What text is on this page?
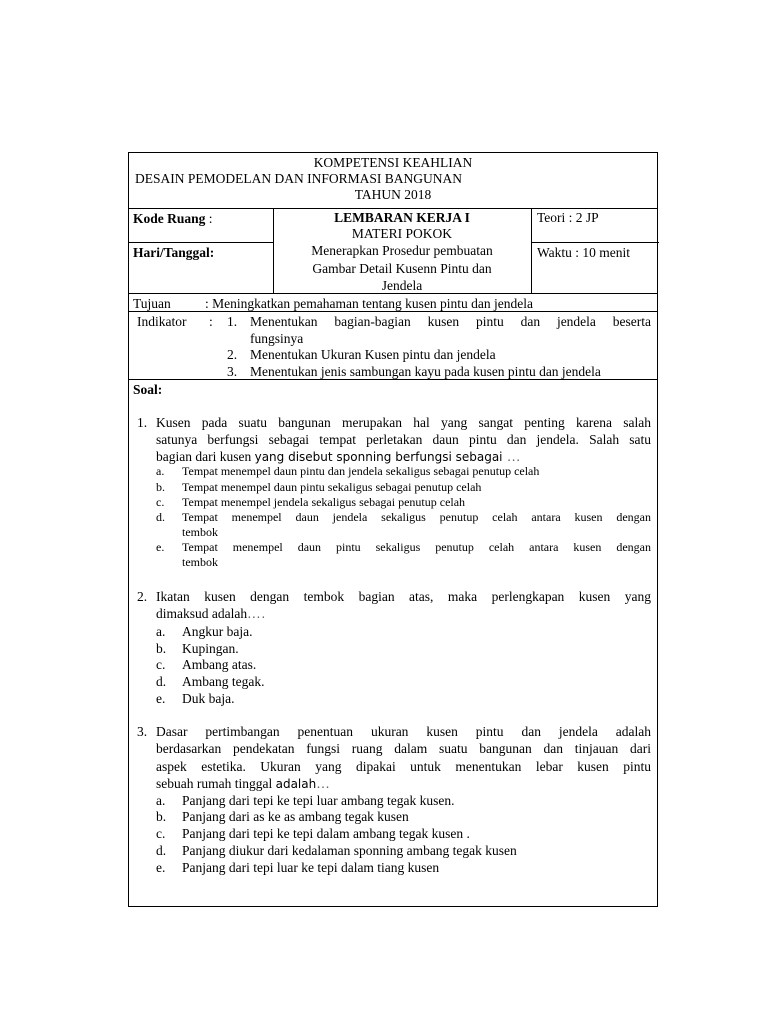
KOMPETENSI KEAHLIAN
DESAIN PEMODELAN DAN INFORMASI BANGUNAN
TAHUN 2018
Kode Ruang :
Hari/Tanggal:
LEMBARAN KERJA I
MATERI POKOK
Menerapkan Prosedur pembuatan
Gambar Detail Kusenn Pintu dan
Jendela
Teori : 2 JP
Waktu : 10 menit
Tujuan	: Meningkatkan pemahaman tentang kusen pintu dan jendela
Indikator : 1. Menentukan bagian-bagian kusen pintu dan jendela beserta
fungsinya
2. Menentukan Ukuran Kusen pintu dan jendela
3. Menentukan jenis sambungan kayu pada kusen pintu dan jendela
Soal:
1. Kusen pada suatu bangunan merupakan hal yang sangat penting karena salah
satunya berfungsi sebagai tempat perletakan daun pintu dan jendela. Salah satu
bagian dari kusen yang disebut sponning berfungsi sebagai …
a. Tempat menempel daun pintu dan jendela sekaligus sebagai penutup celah
b. Tempat menempel daun pintu sekaligus sebagai penutup celah
c. Tempat menempel jendela sekaligus sebagai penutup celah
d. Tempat menempel daun jendela sekaligus penutup celah antara kusen dengan
tembok
e. Tempat menempel daun pintu sekaligus penutup celah antara kusen dengan
tembok
2. Ikatan kusen dengan tembok bagian atas, maka perlengkapan kusen yang
dimaksud adalah….
a. Angkur baja.
b. Kupingan.
c. Ambang atas.
d. Ambang tegak.
e. Duk baja.
3. Dasar pertimbangan penentuan ukuran kusen pintu dan jendela adalah
berdasarkan pendekatan fungsi ruang dalam suatu bangunan dan tinjauan dari
aspek estetika. Ukuran yang dipakai untuk menentukan lebar kusen pintu
sebuah rumah tinggal adalah…
a. Panjang dari tepi ke tepi luar ambang tegak kusen.
b. Panjang dari as ke as ambang tegak kusen
c. Panjang dari tepi ke tepi dalam ambang tegak kusen .
d. Panjang diukur dari kedalaman sponning ambang tegak kusen
e. Panjang dari tepi luar ke tepi dalam tiang kusen
